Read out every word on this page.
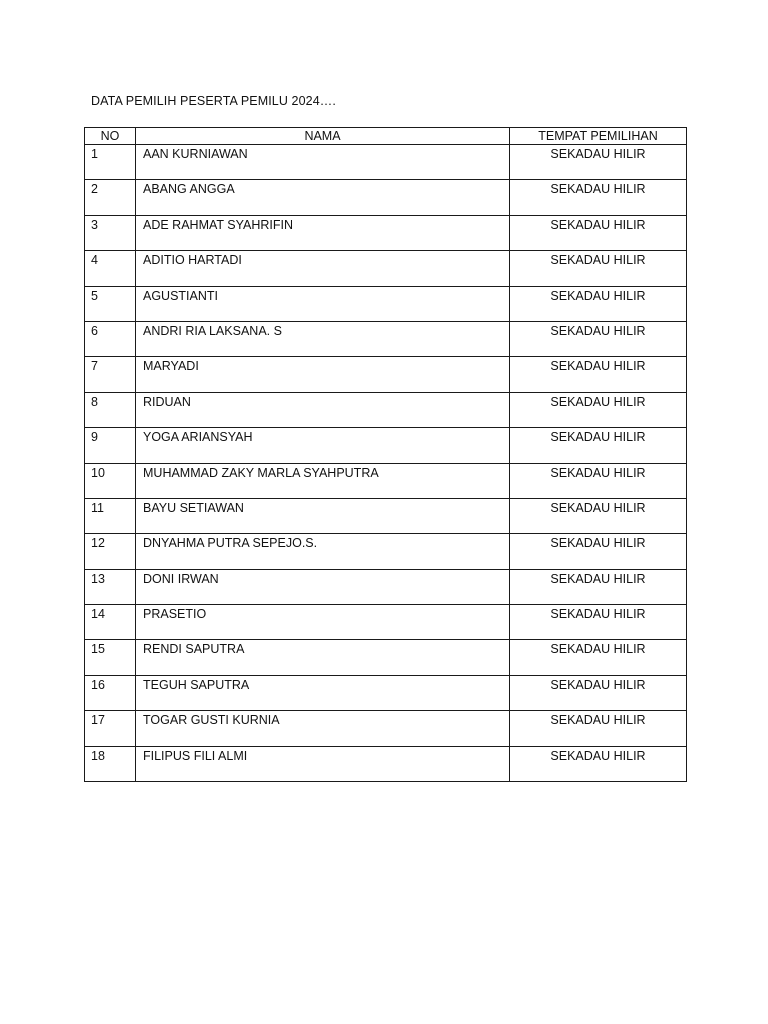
DATA PEMILIH PESERTA PEMILU 2024….
NO	NAMA	TEMPAT PEMILIHAN

1	AAN KURNIAWAN	SEKADAU HILIR

2	ABANG ANGGA	SEKADAU HILIR

3	ADE RAHMAT SYAHRIFIN	SEKADAU HILIR

4	ADITIO HARTADI	SEKADAU HILIR

5	AGUSTIANTI	SEKADAU HILIR

6	ANDRI RIA LAKSANA. S	SEKADAU HILIR

7	MARYADI	SEKADAU HILIR

8	RIDUAN	SEKADAU HILIR

9	YOGA ARIANSYAH	SEKADAU HILIR

10	MUHAMMAD ZAKY MARLA SYAHPUTRA	SEKADAU HILIR

11	BAYU SETIAWAN	SEKADAU HILIR

12	DNYAHMA PUTRA SEPEJO.S.	SEKADAU HILIR

13	DONI IRWAN	SEKADAU HILIR

14	PRASETIO	SEKADAU HILIR

15	RENDI SAPUTRA	SEKADAU HILIR

16	TEGUH SAPUTRA	SEKADAU HILIR

17	TOGAR GUSTI KURNIA	SEKADAU HILIR

18	FILIPUS FILI ALMI	SEKADAU HILIR
